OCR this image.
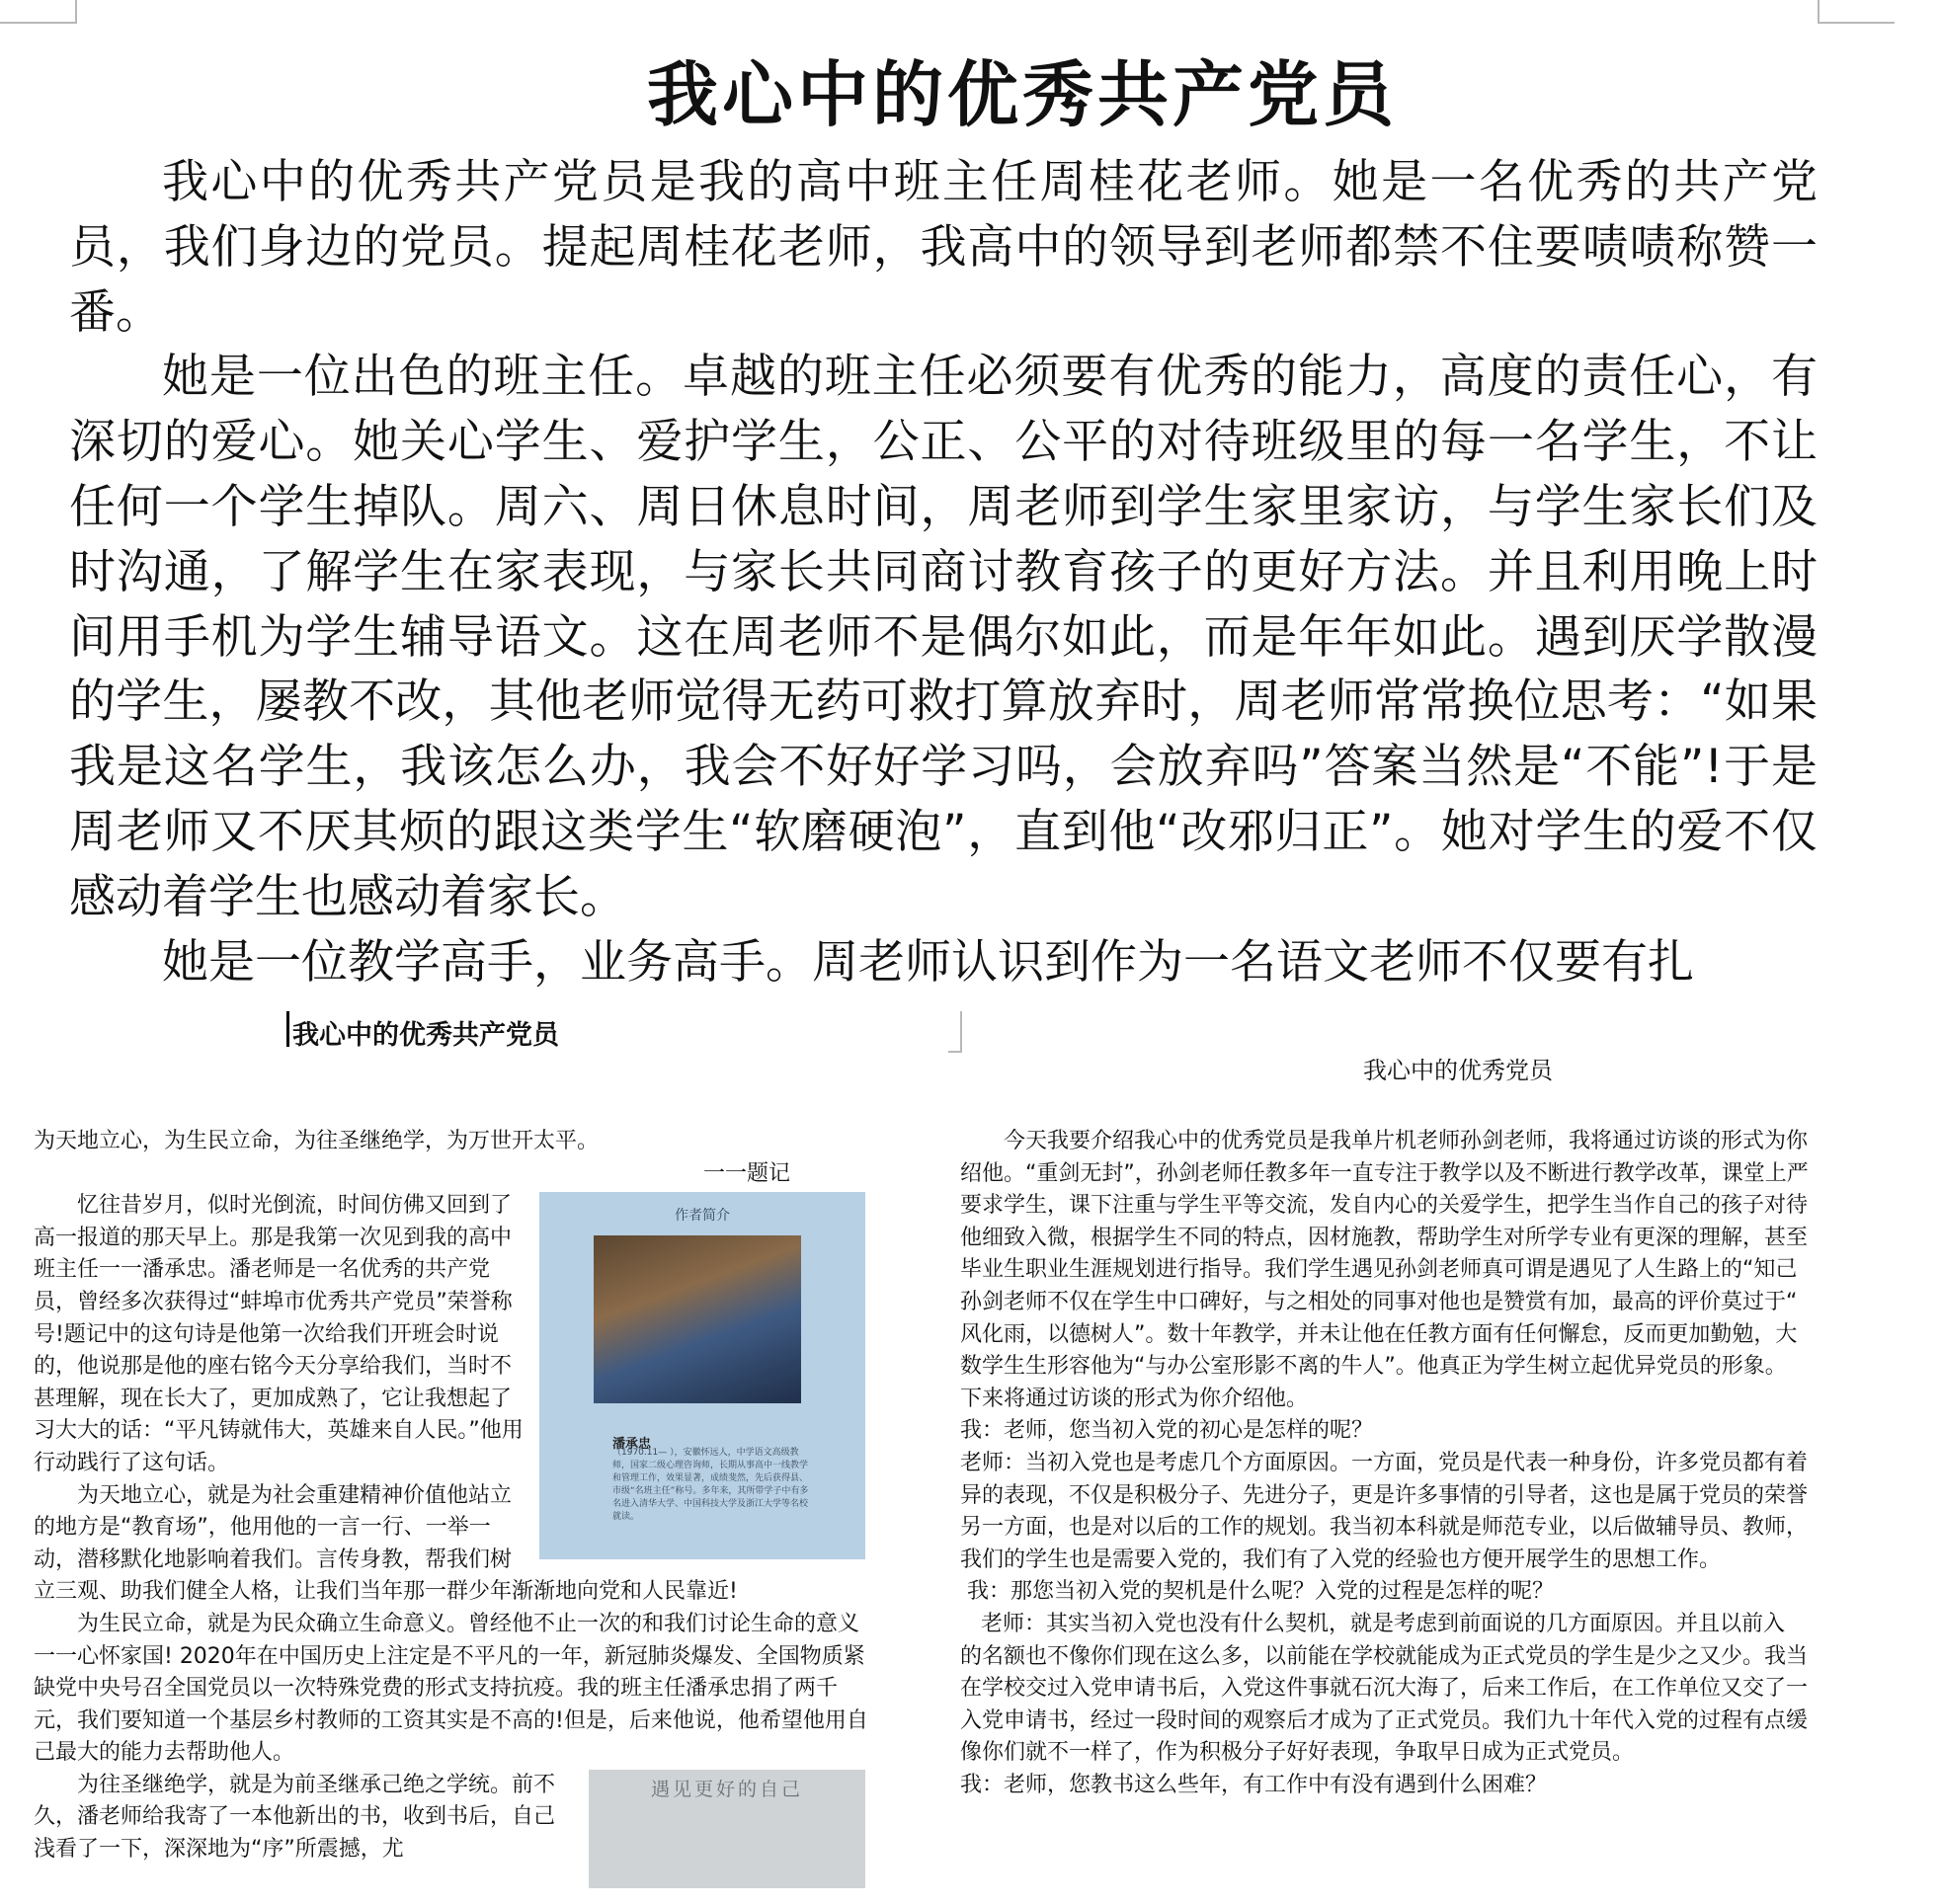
我心中的优秀共产党员

我心中的优秀共产党员是我的高中班主任周桂花老师。她是一名优秀的共产党员，我们身边的党员。提起周桂花老师，我高中的领导到老师都禁不住要啧啧称赞一番。

她是一位出色的班主任。卓越的班主任必须要有优秀的能力，高度的责任心，有深切的爱心。她关心学生、爱护学生，公正、公平的对待班级里的每一名学生，不让任何一个学生掉队。周六、周日休息时间，周老师到学生家里家访，与学生家长们及时沟通，了解学生在家表现，与家长共同商讨教育孩子的更好方法。并且利用晚上时间用手机为学生辅导语文。这在周老师不是偶尔如此，而是年年如此。遇到厌学散漫的学生，屡教不改，其他老师觉得无药可救打算放弃时，周老师常常换位思考：“如果我是这名学生，我该怎么办，我会不好好学习吗，会放弃吗”答案当然是“不能”!于是周老师又不厌其烦的跟这类学生“软磨硬泡”，直到他“改邪归正”。她对学生的爱不仅感动着学生也感动着家长。

她是一位教学高手，业务高手。周老师认识到作为一名语文老师不仅要有扎

我心中的优秀共产党员

为天地立心，为生民立命，为往圣继绝学，为万世开太平。

一一题记

作者简介
潘承忠
（1970.11— ），安徽怀远人，中学语文高级教师，国家二级心理咨询师，长期从事高中一线教学和管理工作，效果显著，成绩斐然，先后获得县、市级“名班主任”称号。多年来，其所带学子中有多名进入清华大学、中国科技大学及浙江大学等名校就读。

忆往昔岁月，似时光倒流，时间仿佛又回到了高一报道的那天早上。那是我第一次见到我的高中班主任一一潘承忠。潘老师是一名优秀的共产党员，曾经多次获得过“蚌埠市优秀共产党员”荣誉称号!题记中的这句诗是他第一次给我们开班会时说的，他说那是他的座右铭今天分享给我们，当时不甚理解，现在长大了，更加成熟了，它让我想起了习大大的话：“平凡铸就伟大，英雄来自人民。”他用行动践行了这句话。

为天地立心，就是为社会重建精神价值他站立的地方是“教育场”，他用他的一言一行、一举一动，潜移默化地影响着我们。言传身教，帮我们树立三观、助我们健全人格，让我们当年那一群少年渐渐地向党和人民靠近!

为生民立命，就是为民众确立生命意义。曾经他不止一次的和我们讨论生命的意义一一心怀家国! 2020年在中国历史上注定是不平凡的一年，新冠肺炎爆发、全国物质紧缺党中央号召全国党员以一次特殊党费的形式支持抗疫。我的班主任潘承忠捐了两千元，我们要知道一个基层乡村教师的工资其实是不高的!但是，后来他说，他希望他用自己最大的能力去帮助他人。

遇见更好的自己

为往圣继绝学，就是为前圣继承己绝之学统。前不久，潘老师给我寄了一本他新出的书，收到书后，自己浅看了一下，深深地为“序”所震撼，尤

我心中的优秀党员

今天我要介绍我心中的优秀党员是我单片机老师孙剑老师，我将通过访谈的形式为你

绍他。“重剑无封”，孙剑老师任教多年一直专注于教学以及不断进行教学改革，课堂上严

要求学生，课下注重与学生平等交流，发自内心的关爱学生，把学生当作自己的孩子对待

他细致入微，根据学生不同的特点，因材施教，帮助学生对所学专业有更深的理解，甚至

毕业生职业生涯规划进行指导。我们学生遇见孙剑老师真可谓是遇见了人生路上的“知己

孙剑老师不仅在学生中口碑好，与之相处的同事对他也是赞赏有加，最高的评价莫过于“

风化雨，以德树人”。数十年教学，并未让他在任教方面有任何懈怠，反而更加勤勉，大

数学生生形容他为“与办公室形影不离的牛人”。他真正为学生树立起优异党员的形象。

下来将通过访谈的形式为你介绍他。

我：老师，您当初入党的初心是怎样的呢？

老师：当初入党也是考虑几个方面原因。一方面，党员是代表一种身份，许多党员都有着

异的表现，不仅是积极分子、先进分子，更是许多事情的引导者，这也是属于党员的荣誉

另一方面，也是对以后的工作的规划。我当初本科就是师范专业，以后做辅导员、教师，

我们的学生也是需要入党的，我们有了入党的经验也方便开展学生的思想工作。

我：那您当初入党的契机是什么呢？入党的过程是怎样的呢？

老师：其实当初入党也没有什么契机，就是考虑到前面说的几方面原因。并且以前入

的名额也不像你们现在这么多，以前能在学校就能成为正式党员的学生是少之又少。我当

在学校交过入党申请书后，入党这件事就石沉大海了，后来工作后，在工作单位又交了一

入党申请书，经过一段时间的观察后才成为了正式党员。我们九十年代入党的过程有点缓

像你们就不一样了，作为积极分子好好表现，争取早日成为正式党员。

我：老师，您教书这么些年，有工作中有没有遇到什么困难？
